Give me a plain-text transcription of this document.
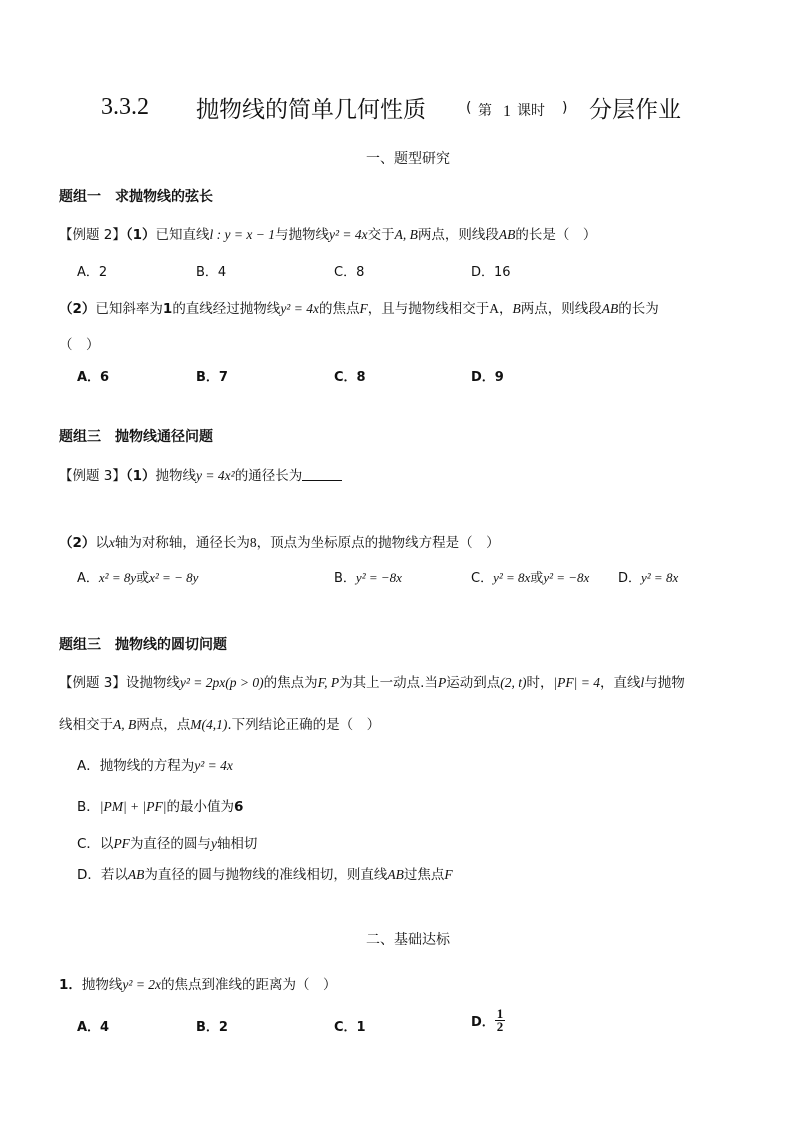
3.3.2 抛物线的简单几何性质	( 第 1 课时 ) 分层作业
一、题型研究
题组一　求抛物线的弦长
【例题 2】（1）已知直线l : y = x − 1与抛物线y² = 4x交于A, B两点，则线段AB的长是（　）
A．2	B．4	C．8	D．16
（2）已知斜率为1的直线经过抛物线y² = 4x的焦点F，且与抛物线相交于A，B两点，则线段AB的长为
（　）
A．6	B．7	C．8	D．9
题组三　抛物线通径问题
【例题 3】（1）抛物线y = 4x²的通径长为
（2）以x轴为对称轴，通径长为8，顶点为坐标原点的抛物线方程是（　）
A．x² = 8y或x² = − 8y	B．y² = −8x	C．y² = 8x或y² = −8x D．y² = 8x
题组三　抛物线的圆切问题
【例题 3】设抛物线y² = 2px(p > 0)的焦点为F, P为其上一动点.当P运动到点(2, t)时，|PF| = 4，直线l与抛物
线相交于A, B两点，点M(4,1).下列结论正确的是（　）
A．抛物线的方程为y² = 4x
B．|PM| + |PF|的最小值为6
C．以PF为直径的圆与y轴相切
D．若以AB为直径的圆与抛物线的准线相切，则直线AB过焦点F
二、基础达标
1．抛物线y² = 2x的焦点到准线的距离为（　）
A．4	B．2	C．1	D． $\frac{1}{2}$
